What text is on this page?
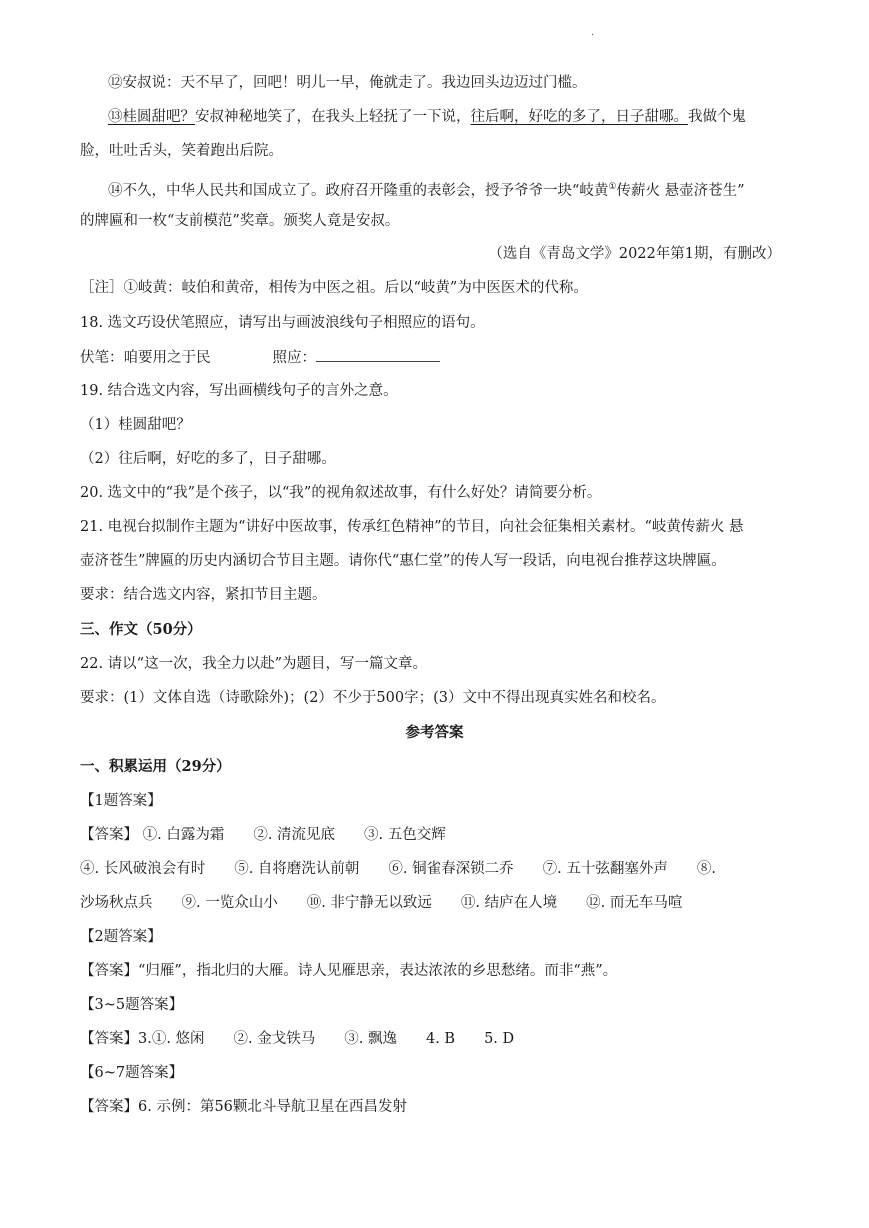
·
⑫安叔说：天不早了，回吧！明儿一早，俺就走了。我边回头边迈过门槛。
⑬桂圆甜吧？安叔神秘地笑了，在我头上轻抚了一下说，往后啊，好吃的多了，日子甜哪。我做个鬼
脸，吐吐舌头，笑着跑出后院。
⑭不久，中华人民共和国成立了。政府召开隆重的表彰会，授予爷爷一块“岐黄①传薪火 悬壶济苍生”
的牌匾和一枚“支前模范”奖章。颁奖人竟是安叔。
（选自《青岛文学》2022年第1期，有删改）
［注］①岐黄：岐伯和黄帝，相传为中医之祖。后以“岐黄”为中医医术的代称。
18. 选文巧设伏笔照应，请写出与画波浪线句子相照应的语句。
伏笔：咱要用之于民	照应：
19. 结合选文内容，写出画横线句子的言外之意。
（1）桂圆甜吧？
（2）往后啊，好吃的多了，日子甜哪。
20. 选文中的“我”是个孩子，以“我”的视角叙述故事，有什么好处？请简要分析。
21. 电视台拟制作主题为“讲好中医故事，传承红色精神”的节目，向社会征集相关素材。“岐黄传薪火 悬
壶济苍生”牌匾的历史内涵切合节目主题。请你代“惠仁堂”的传人写一段话，向电视台推荐这块牌匾。
要求：结合选文内容，紧扣节目主题。
三、作文（50分）
22. 请以“这一次，我全力以赴”为题目，写一篇文章。
要求：(1）文体自选（诗歌除外)；(2）不少于500字；(3）文中不得出现真实姓名和校名。
参考答案
一、积累运用（29分）
【1题答案】
【答案】 ①. 白露为霜　　②. 清流见底　　③. 五色交辉
④. 长风破浪会有时　　⑤. 自将磨洗认前朝　　⑥. 铜雀春深锁二乔　　⑦. 五十弦翻塞外声　　⑧.
沙场秋点兵　　⑨. 一览众山小　　⑩. 非宁静无以致远　　⑪. 结庐在人境　　⑫. 而无车马喧
【2题答案】
【答案】“归雁”，指北归的大雁。诗人见雁思亲，表达浓浓的乡思愁绪。而非“燕”。
【3~5题答案】
【答案】3.①. 悠闲　　②. 金戈铁马　　③. 飘逸　　4. B　　5. D
【6~7题答案】
【答案】6. 示例：第56颗北斗导航卫星在西昌发射
